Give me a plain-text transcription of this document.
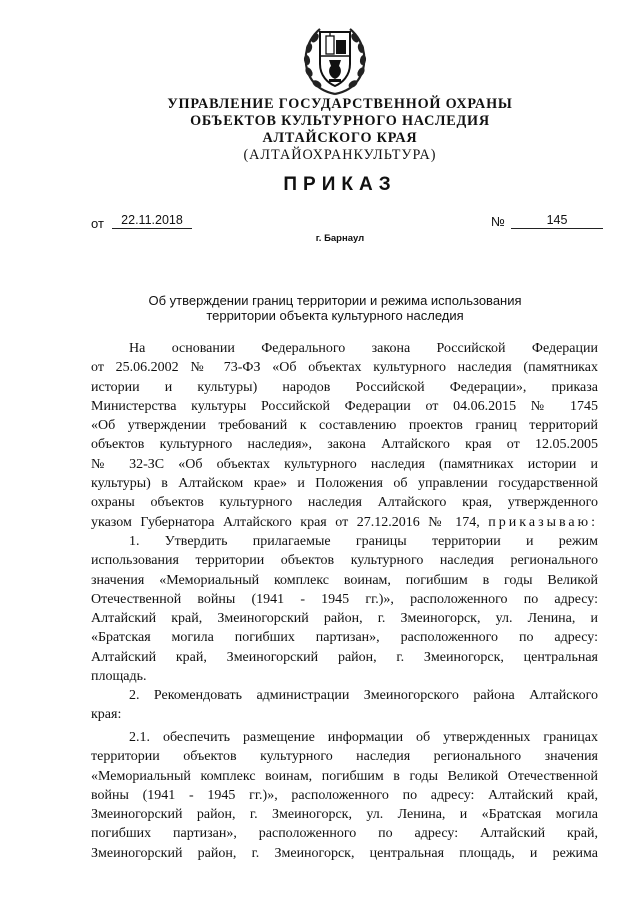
УПРАВЛЕНИЕ ГОСУДАРСТВЕННОЙ ОХРАНЫ
ОБЪЕКТОВ КУЛЬТУРНОГО НАСЛЕДИЯ
АЛТАЙСКОГО КРАЯ
(АЛТАЙОХРАНКУЛЬТУРА)
ПРИКАЗ
от	22.11.2018	№	145
г. Барнаул
Об утверждении границ территории и режима использования
территории объекта культурного наследия
На основании Федерального закона Российской Федерации
от 25.06.2002 № 73-ФЗ «Об объектах культурного наследия (памятниках
истории и культуры) народов Российской Федерации», приказа
Министерства культуры Российской Федерации от 04.06.2015 № 1745
«Об утверждении требований к составлению проектов границ территорий
объектов культурного наследия», закона Алтайского края от 12.05.2005
№ 32-ЗС «Об объектах культурного наследия (памятниках истории и
культуры) в Алтайском крае» и Положения об управлении государственной
охраны объектов культурного наследия Алтайского края, утвержденного
указом Губернатора Алтайского края от 27.12.2016 № 174, приказываю:
1. Утвердить прилагаемые границы территории и режим
использования территории объектов культурного наследия регионального
значения «Мемориальный комплекс воинам, погибшим в годы Великой
Отечественной войны (1941 - 1945 гг.)», расположенного по адресу:
Алтайский край, Змеиногорский район, г. Змеиногорск, ул. Ленина, и
«Братская могила погибших партизан», расположенного по адресу:
Алтайский край, Змеиногорский район, г. Змеиногорск, центральная
площадь.
2. Рекомендовать администрации Змеиногорского района Алтайского
края:
2.1. обеспечить размещение информации об утвержденных границах
территории объектов культурного наследия регионального значения
«Мемориальный комплекс воинам, погибшим в годы Великой Отечественной
войны (1941 - 1945 гг.)», расположенного по адресу: Алтайский край,
Змеиногорский район, г. Змеиногорск, ул. Ленина, и «Братская могила
погибших партизан», расположенного по адресу: Алтайский край,
Змеиногорский район, г. Змеиногорск, центральная площадь, и режима
